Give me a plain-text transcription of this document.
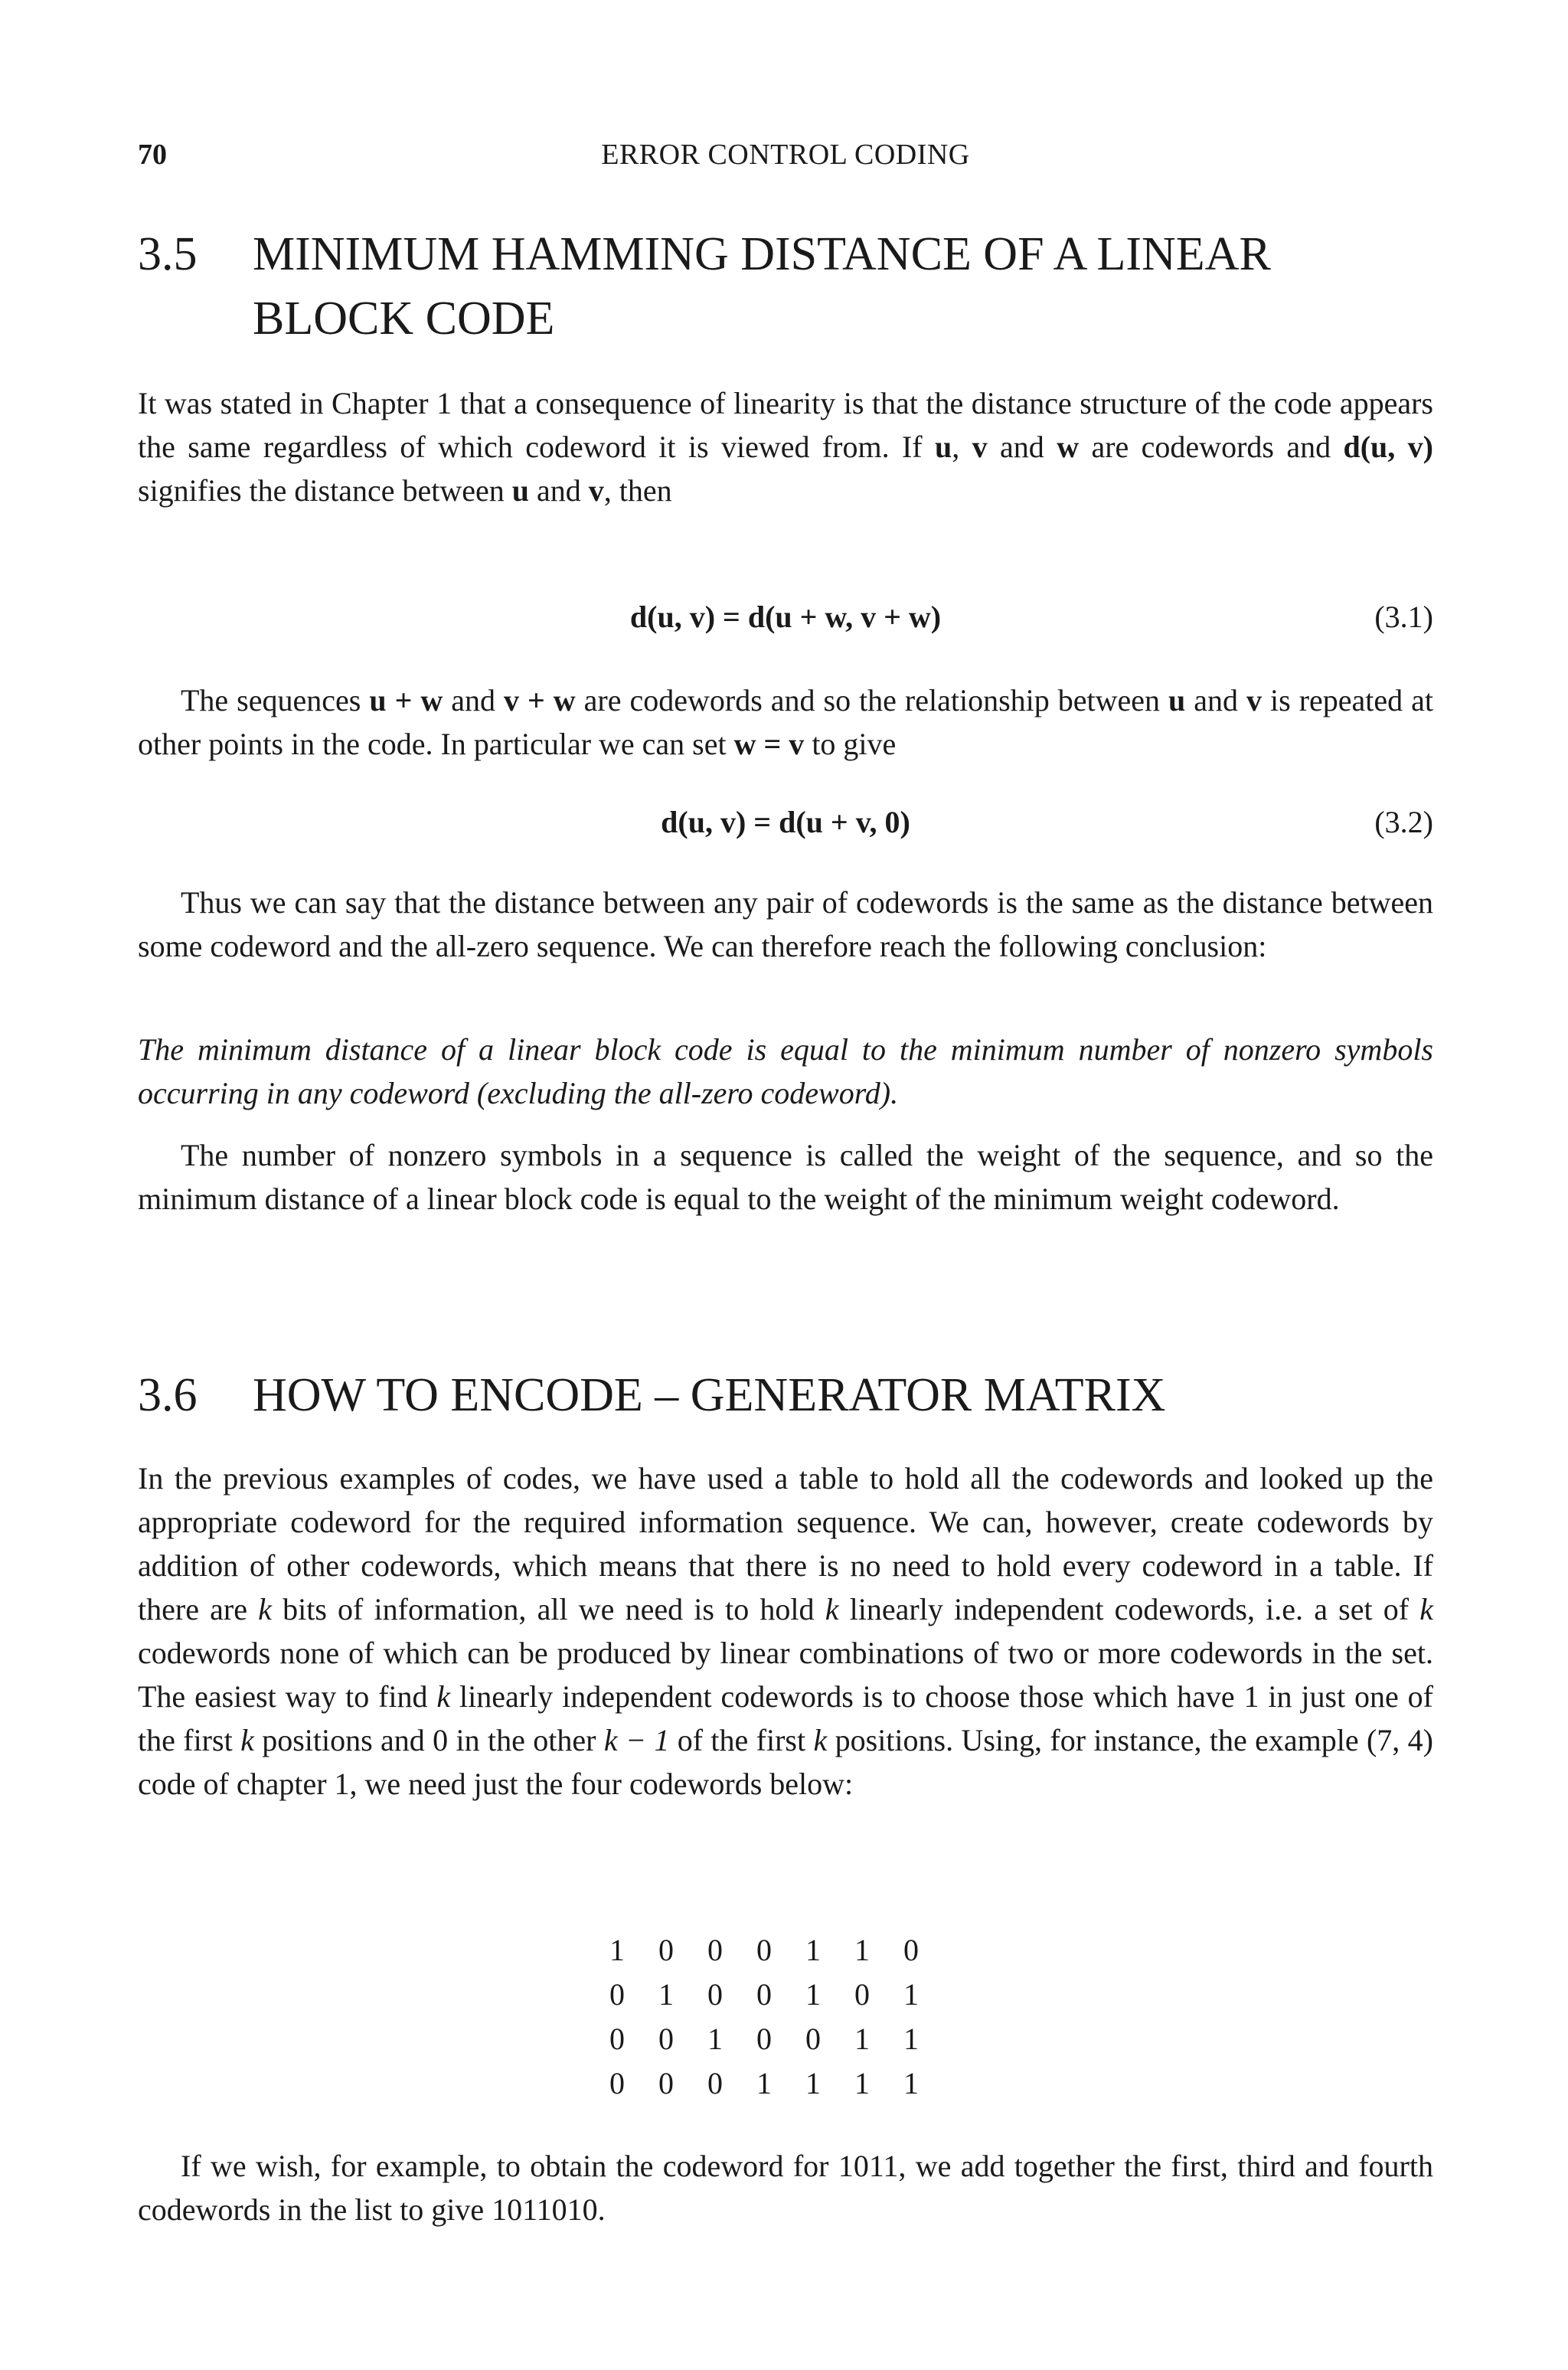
70	ERROR CONTROL CODING
3.5 MINIMUM HAMMING DISTANCE OF A LINEAR BLOCK CODE

It was stated in Chapter 1 that a consequence of linearity is that the distance structure of the code appears the same regardless of which codeword it is viewed from. If u, v and w are codewords and d(u, v) signifies the distance between u and v, then

d(u, v) = d(u + w, v + w)	(3.1)

The sequences u + w and v + w are codewords and so the relationship between u and v is repeated at other points in the code. In particular we can set w = v to give

d(u, v) = d(u + v, 0)	(3.2)

Thus we can say that the distance between any pair of codewords is the same as the distance between some codeword and the all-zero sequence. We can therefore reach the following conclusion:

The minimum distance of a linear block code is equal to the minimum number of nonzero symbols occurring in any codeword (excluding the all-zero codeword).

The number of nonzero symbols in a sequence is called the weight of the sequence, and so the minimum distance of a linear block code is equal to the weight of the minimum weight codeword.

3.6 HOW TO ENCODE – GENERATOR MATRIX

In the previous examples of codes, we have used a table to hold all the codewords and looked up the appropriate codeword for the required information sequence. We can, however, create codewords by addition of other codewords, which means that there is no need to hold every codeword in a table. If there are k bits of information, all we need is to hold k linearly independent codewords, i.e. a set of k codewords none of which can be produced by linear combinations of two or more codewords in the set. The easiest way to find k linearly independent codewords is to choose those which have 1 in just one of the first k positions and 0 in the other k − 1 of the first k positions. Using, for instance, the example (7, 4) code of chapter 1, we need just the four codewords below:

1	0	0	0	1	1	0
0	1	0	0	1	0	1
0	0	1	0	0	1	1
0	0	0	1	1	1	1

If we wish, for example, to obtain the codeword for 1011, we add together the first, third and fourth codewords in the list to give 1011010.
